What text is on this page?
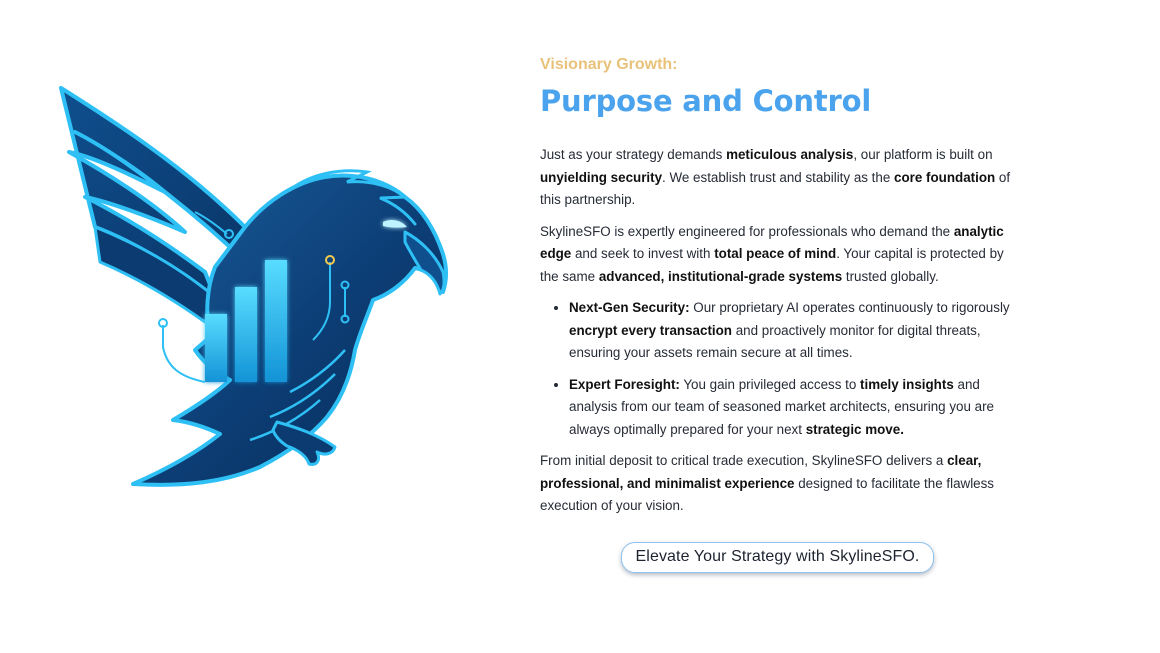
Visionary Growth:
Purpose and Control

Just as your strategy demands meticulous analysis, our platform is built on unyielding security. We establish trust and stability as the core foundation of this partnership.

SkylineSFO is expertly engineered for professionals who demand the analytic edge and seek to invest with total peace of mind. Your capital is protected by the same advanced, institutional-grade systems trusted globally.

• Next-Gen Security: Our proprietary AI operates continuously to rigorously encrypt every transaction and proactively monitor for digital threats, ensuring your assets remain secure at all times.
• Expert Foresight: You gain privileged access to timely insights and analysis from our team of seasoned market architects, ensuring you are always optimally prepared for your next strategic move.

From initial deposit to critical trade execution, SkylineSFO delivers a clear, professional, and minimalist experience designed to facilitate the flawless execution of your vision.

Elevate Your Strategy with SkylineSFO.
